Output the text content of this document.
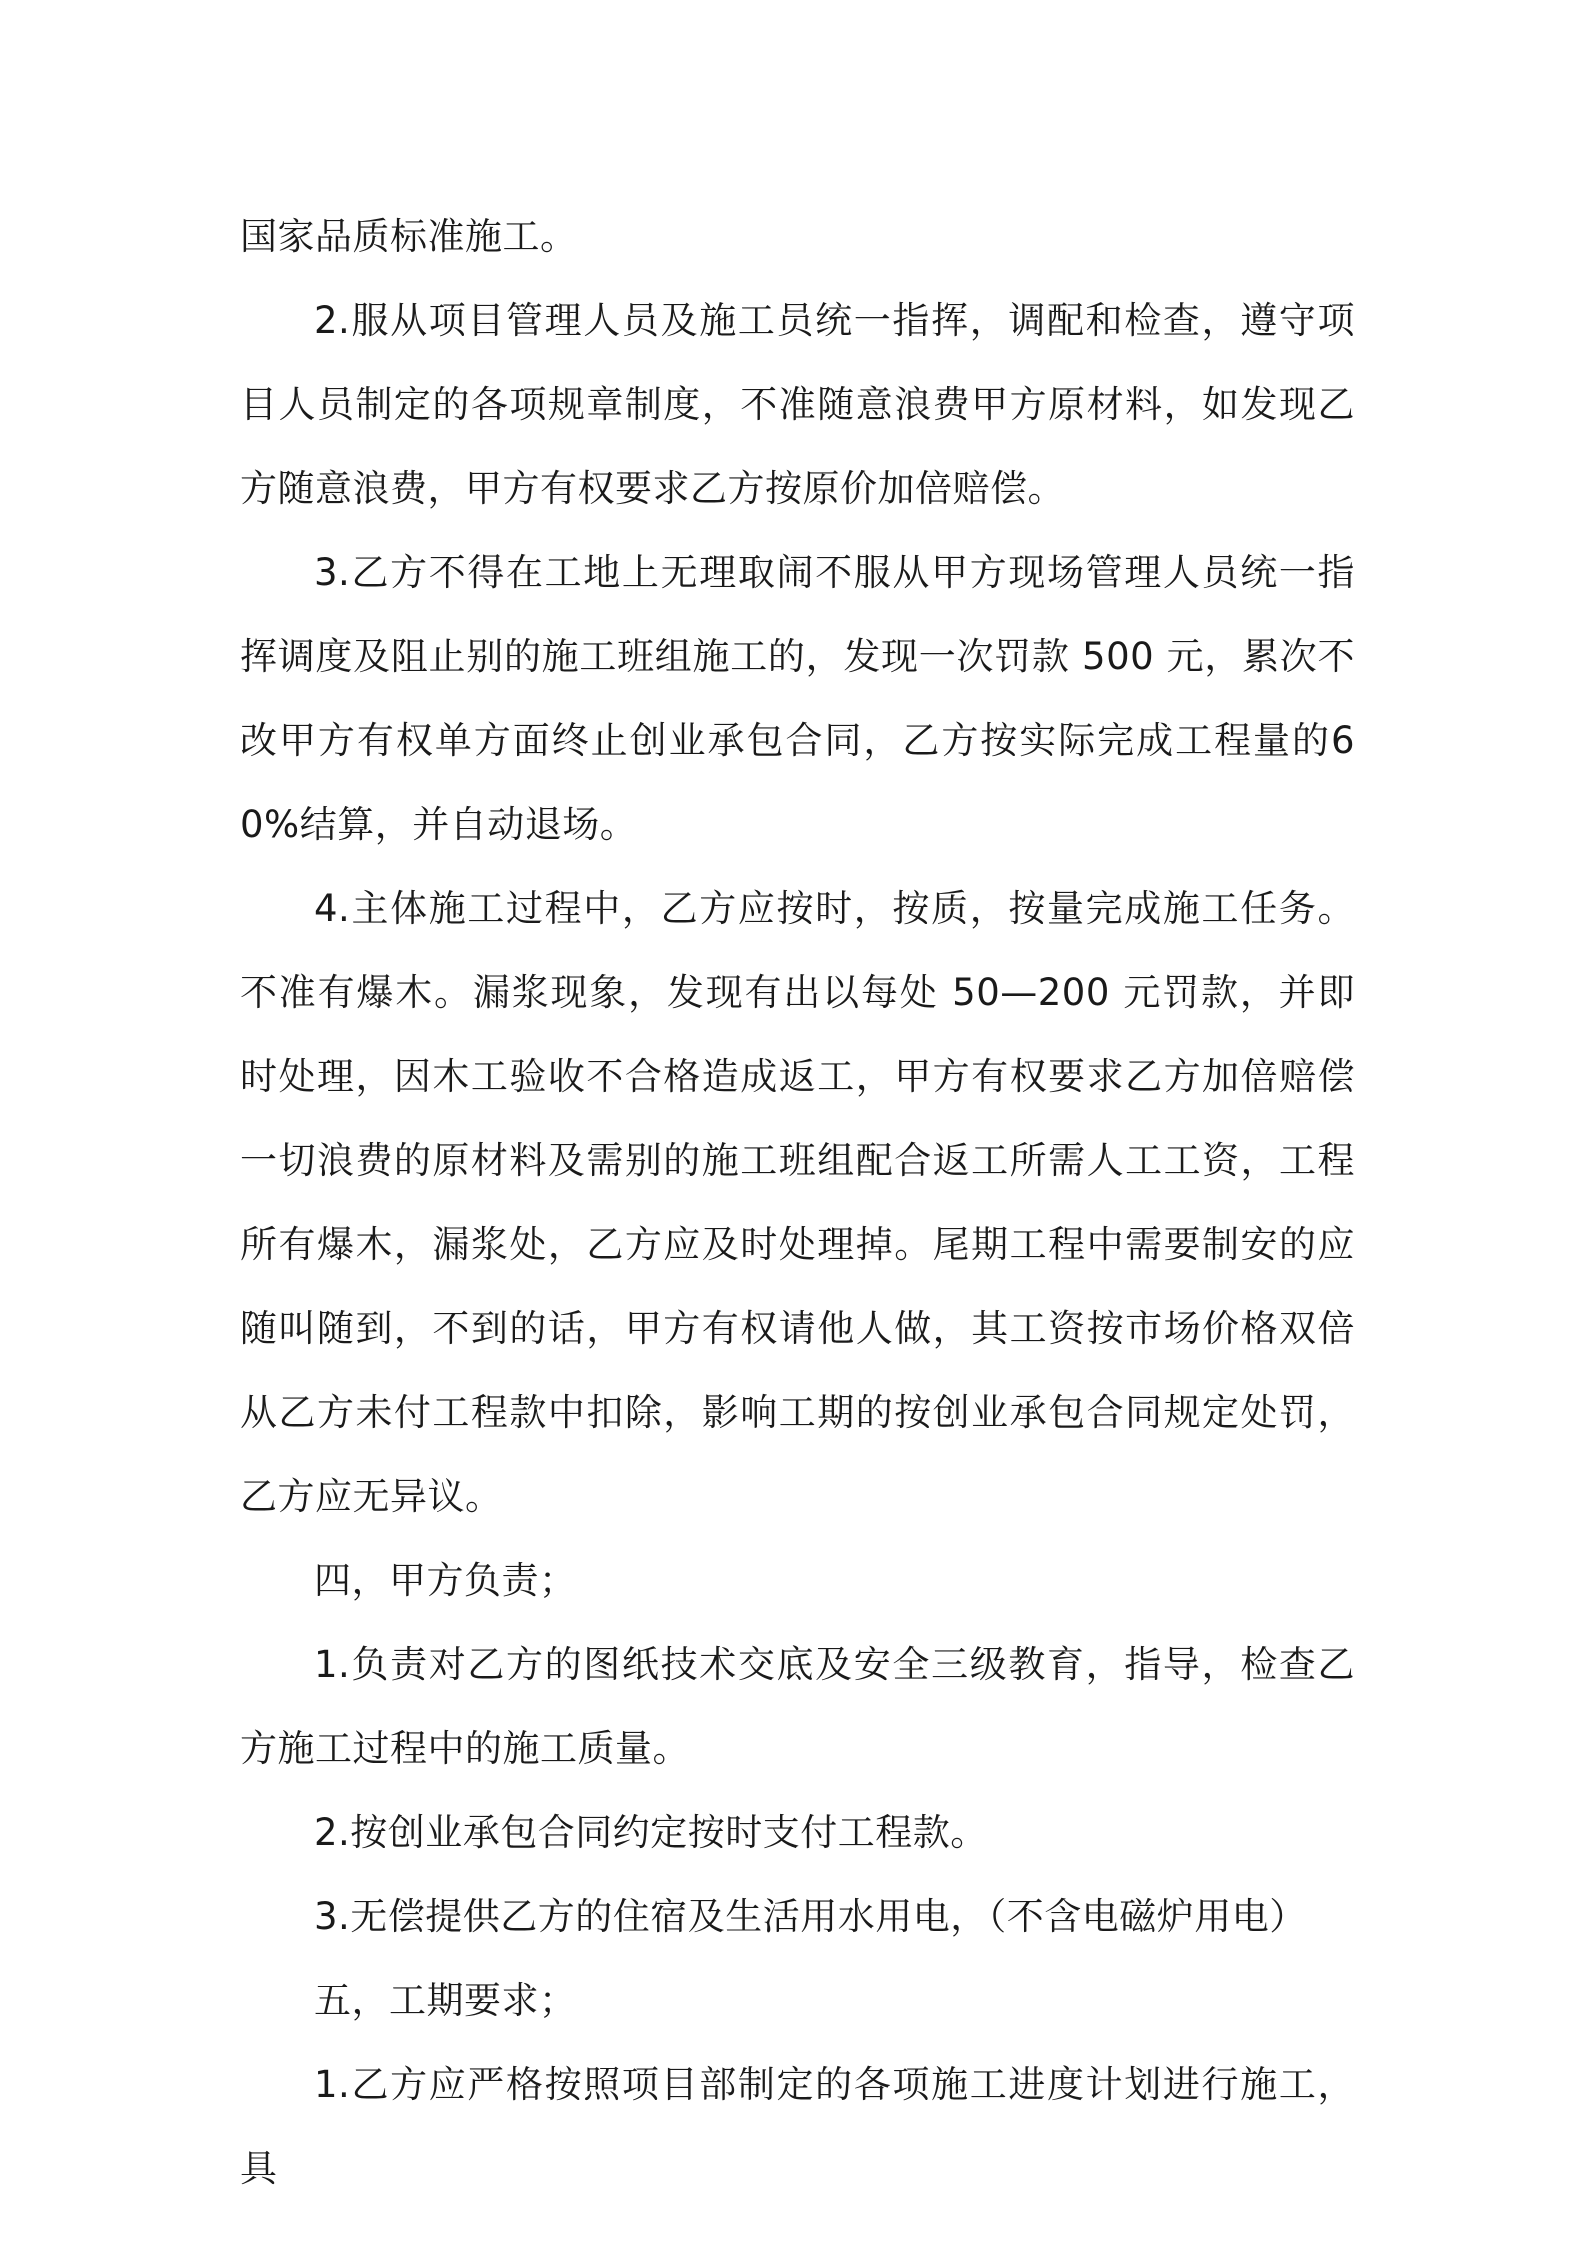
国家品质标准施工。

2.服从项目管理人员及施工员统一指挥，调配和检查，遵守项目人员制定的各项规章制度，不准随意浪费甲方原材料，如发现乙方随意浪费，甲方有权要求乙方按原价加倍赔偿。

3.乙方不得在工地上无理取闹不服从甲方现场管理人员统一指挥调度及阻止别的施工班组施工的，发现一次罚款 500 元，累次不改甲方有权单方面终止创业承包合同，乙方按实际完成工程量的60%结算，并自动退场。

4.主体施工过程中，乙方应按时，按质，按量完成施工任务。不准有爆木。漏浆现象，发现有出以每处 50—200 元罚款，并即时处理，因木工验收不合格造成返工，甲方有权要求乙方加倍赔偿一切浪费的原材料及需别的施工班组配合返工所需人工工资，工程所有爆木，漏浆处，乙方应及时处理掉。尾期工程中需要制安的应随叫随到，不到的话，甲方有权请他人做，其工资按市场价格双倍从乙方未付工程款中扣除，影响工期的按创业承包合同规定处罚，乙方应无异议。

四，甲方负责；

1.负责对乙方的图纸技术交底及安全三级教育，指导，检查乙方施工过程中的施工质量。

2.按创业承包合同约定按时支付工程款。

3.无偿提供乙方的住宿及生活用水用电，（不含电磁炉用电）

五，工期要求；

1.乙方应严格按照项目部制定的各项施工进度计划进行施工，具
